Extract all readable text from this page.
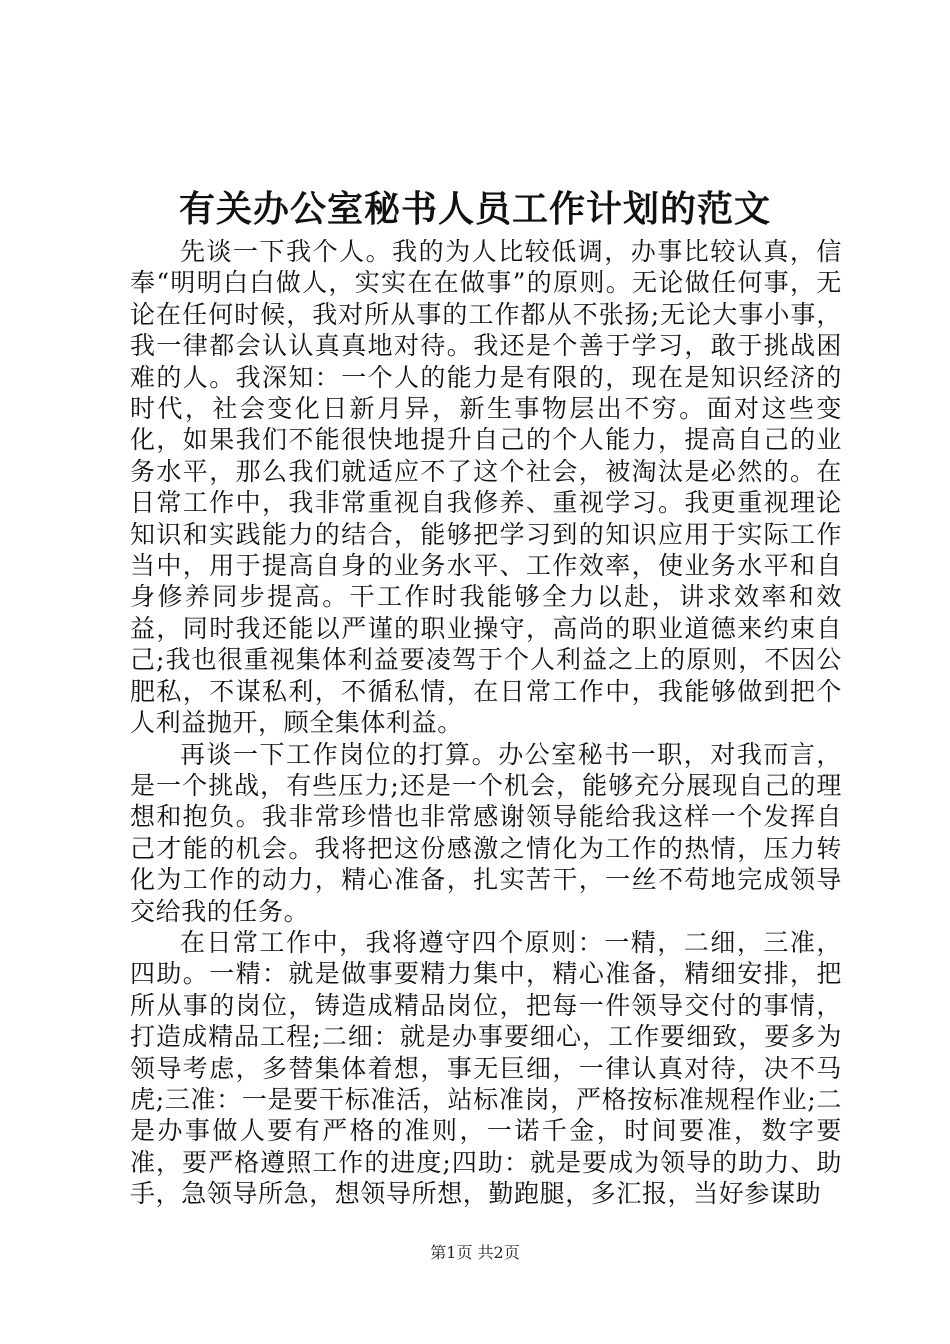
有关办公室秘书人员工作计划的范文

先谈一下我个人。我的为人比较低调，办事比较认真，信奉“明明白白做人，实实在在做事”的原则。无论做任何事，无论在任何时候，我对所从事的工作都从不张扬;无论大事小事，我一律都会认认真真地对待。我还是个善于学习，敢于挑战困难的人。我深知：一个人的能力是有限的，现在是知识经济的时代，社会变化日新月异，新生事物层出不穷。面对这些变化，如果我们不能很快地提升自己的个人能力，提高自己的业务水平，那么我们就适应不了这个社会，被淘汰是必然的。在日常工作中，我非常重视自我修养、重视学习。我更重视理论知识和实践能力的结合，能够把学习到的知识应用于实际工作当中，用于提高自身的业务水平、工作效率，使业务水平和自身修养同步提高。干工作时我能够全力以赴，讲求效率和效益，同时我还能以严谨的职业操守，高尚的职业道德来约束自己;我也很重视集体利益要凌驾于个人利益之上的原则，不因公肥私，不谋私利，不循私情，在日常工作中，我能够做到把个人利益抛开，顾全集体利益。

再谈一下工作岗位的打算。办公室秘书一职，对我而言，是一个挑战，有些压力;还是一个机会，能够充分展现自己的理想和抱负。我非常珍惜也非常感谢领导能给我这样一个发挥自己才能的机会。我将把这份感激之情化为工作的热情，压力转化为工作的动力，精心准备，扎实苦干，一丝不苟地完成领导交给我的任务。

在日常工作中，我将遵守四个原则：一精，二细，三准，四助。一精：就是做事要精力集中，精心准备，精细安排，把所从事的岗位，铸造成精品岗位，把每一件领导交付的事情，打造成精品工程;二细：就是办事要细心，工作要细致，要多为领导考虑，多替集体着想，事无巨细，一律认真对待，决不马虎;三准：一是要干标准活，站标准岗，严格按标准规程作业;二是办事做人要有严格的准则，一诺千金，时间要准，数字要准，要严格遵照工作的进度;四助：就是要成为领导的助力、助手，急领导所急，想领导所想，勤跑腿，多汇报，当好参谋助

第1页 共2页
